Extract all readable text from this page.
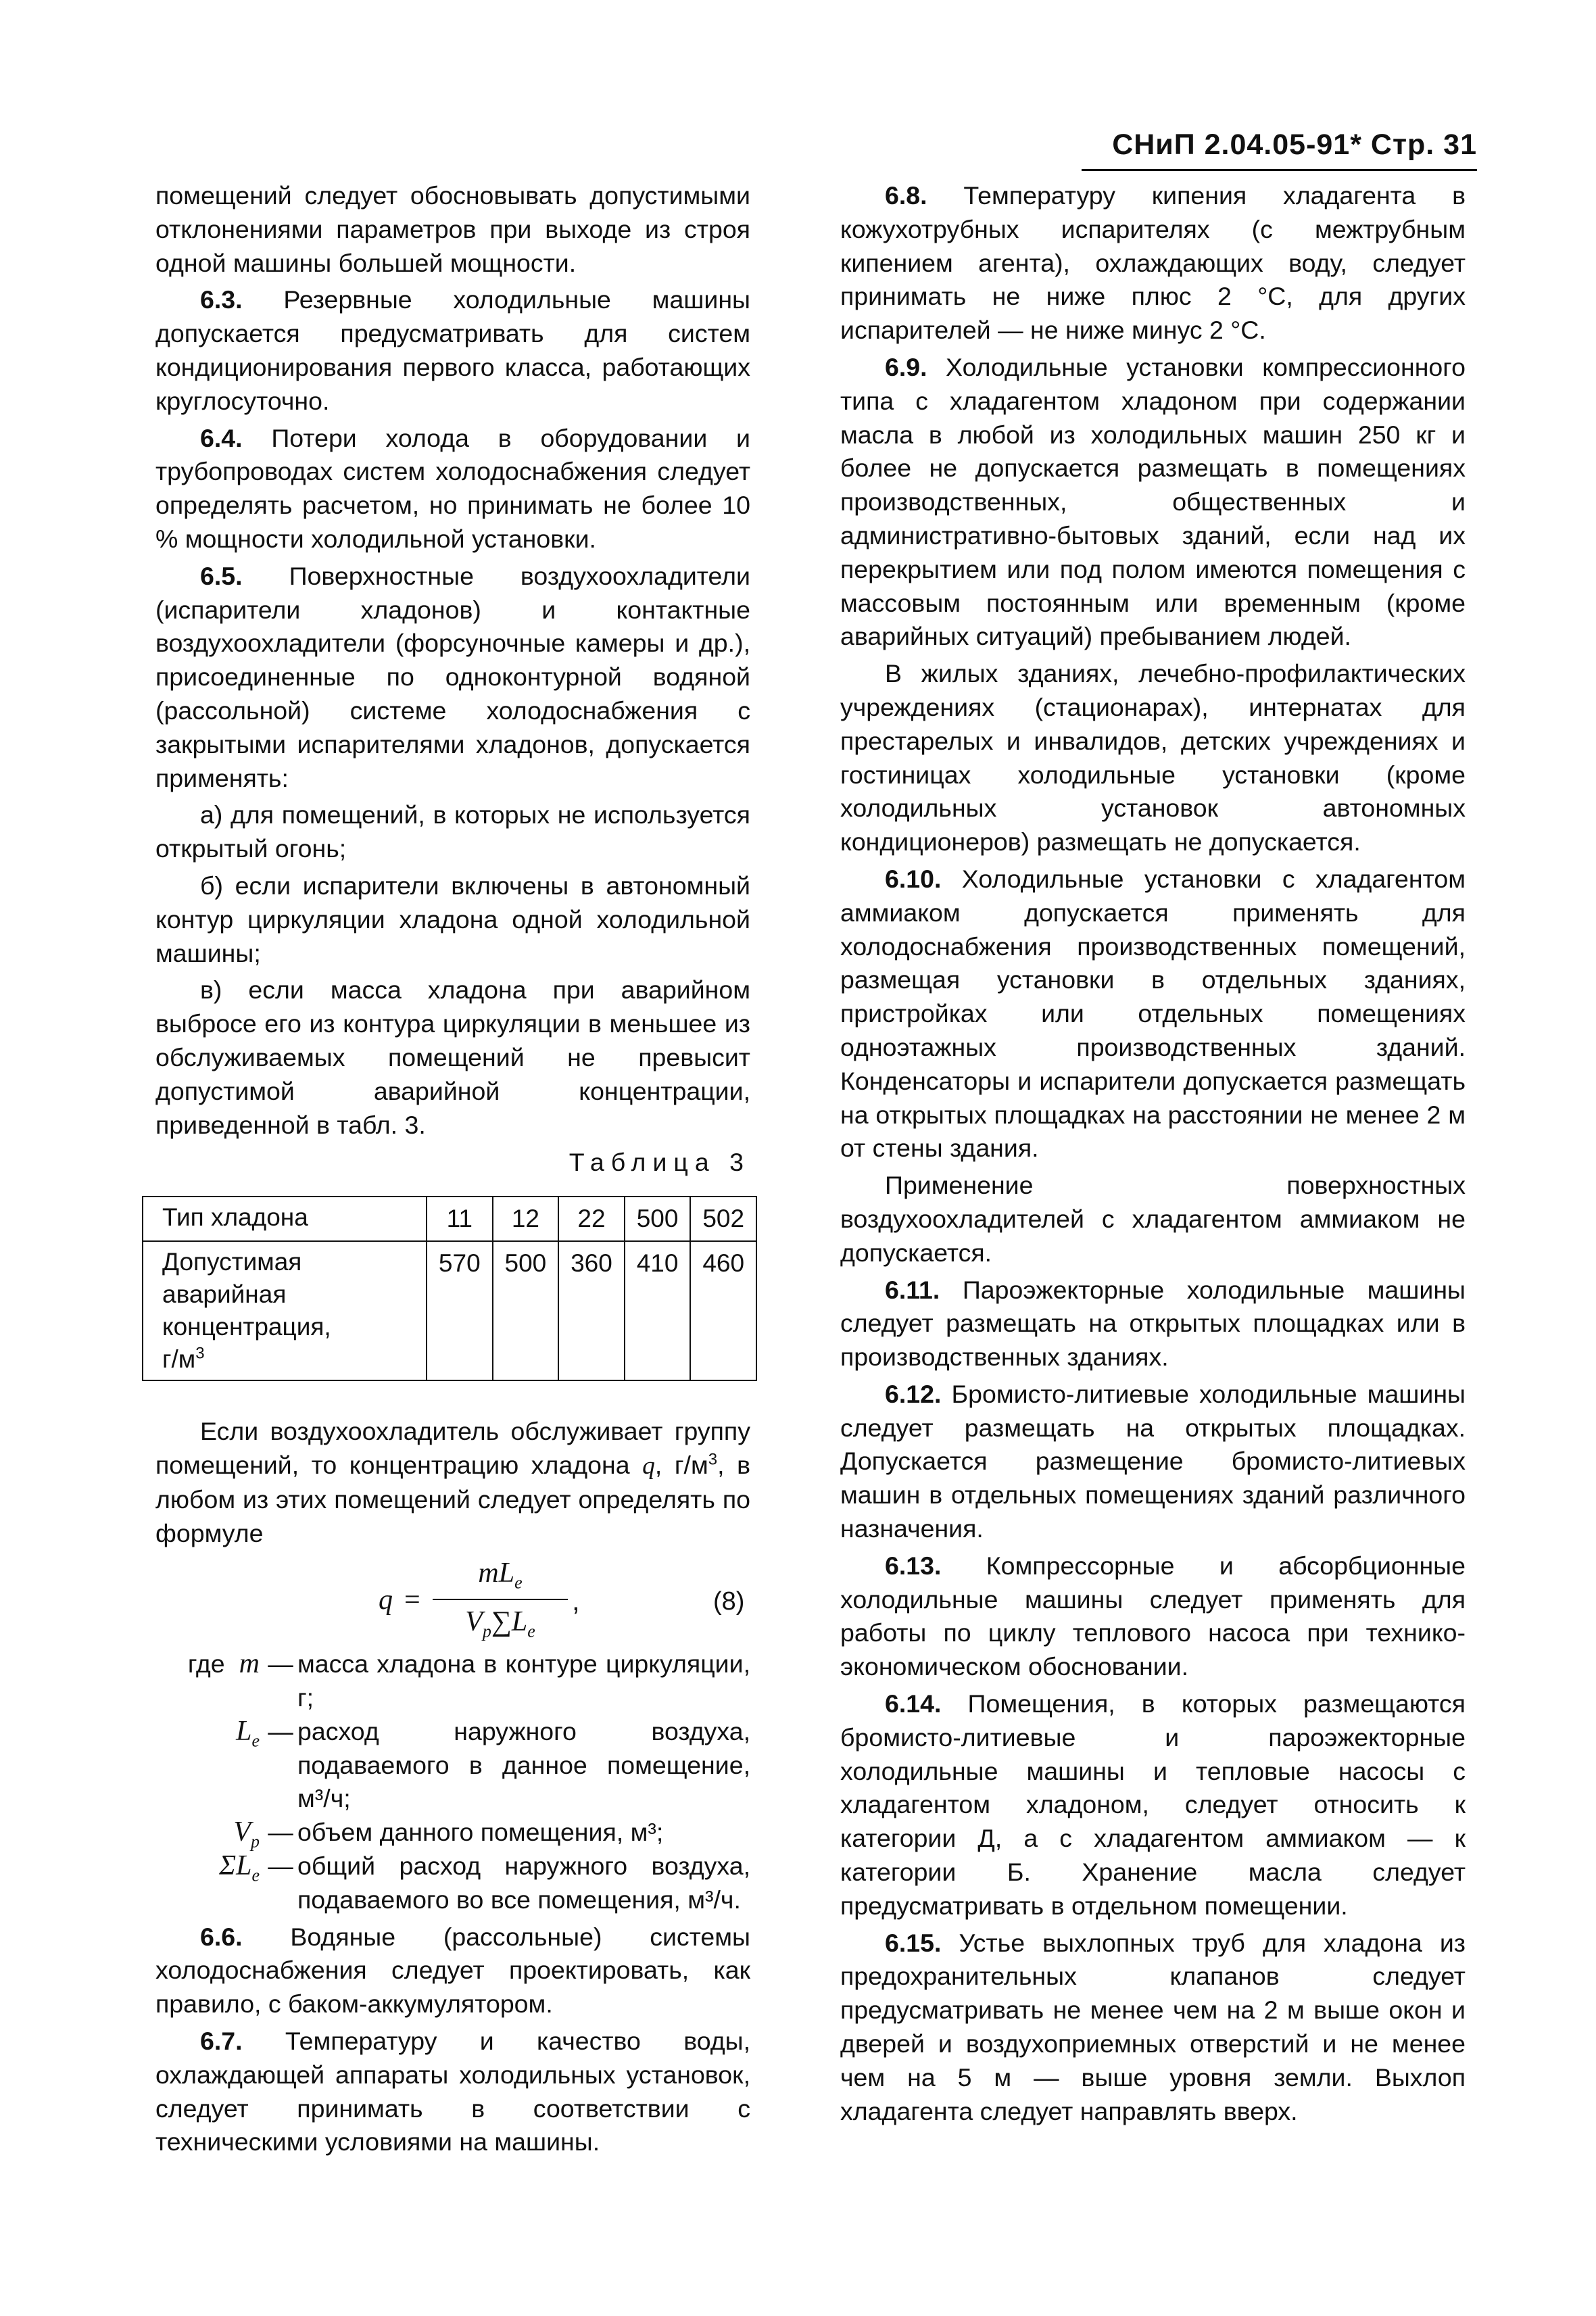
СНиП 2.04.05-91* Стр. 31

помещений следует обосновывать допустимыми отклонениями параметров при выходе из строя одной машины большей мощности.

6.3. Резервные холодильные машины допускается предусматривать для систем кондиционирования первого класса, работающих круглосуточно.

6.4. Потери холода в оборудовании и трубопроводах систем холодоснабжения следует определять расчетом, но принимать не более 10 % мощности холодильной установки.

6.5. Поверхностные воздухоохладители (испарители хладонов) и контактные воздухоохладители (форсуночные камеры и др.), присоединенные по одноконтурной водяной (рассольной) системе холодоснабжения с закрытыми испарителями хладонов, допускается применять:

а) для помещений, в которых не используется открытый огонь;

б) если испарители включены в автономный контур циркуляции хладона одной холодильной машины;

в) если масса хладона при аварийном выбросе его из контура циркуляции в меньшее из обслуживаемых помещений не превысит допустимой аварийной концентрации, приведенной в табл. 3.

Таблица 3
Тип хладона	11	12	22	500	502
Допустимая аварийная концентрация,
$г/м^3$	570	500	360	410	460

Если воздухоохладитель обслуживает группу помещений, то концентрацию хладона q, $г/м^3$, в любом из этих помещений следует определять по формуле

q =
$mL_e$
$V_p\sum L_e$
,	(8)
где m — масса хладона в контуре циркуляции, г;
$L_e$ — расход наружного воздуха, подаваемого в данное помещение, м³/ч;
$V_p$ — объем данного помещения, м³;
$\Sigma L_e$ — общий расход наружного воздуха, подаваемого во все помещения, м³/ч.

6.6. Водяные (рассольные) системы холодоснабжения следует проектировать, как правило, с баком-аккумулятором.

6.7. Температуру и качество воды, охлаждающей аппараты холодильных установок, следует принимать в соответствии с техническими условиями на машины.

6.8. Температуру кипения хладагента в кожухотрубных испарителях (с межтрубным кипением агента), охлаждающих воду, следует принимать не ниже плюс 2 °С, для других испарителей — не ниже минус 2 °С.

6.9. Холодильные установки компрессионного типа с хладагентом хладоном при содержании масла в любой из холодильных машин 250 кг и более не допускается размещать в помещениях производственных, общественных и административно-бытовых зданий, если над их перекрытием или под полом имеются помещения с массовым постоянным или временным (кроме аварийных ситуаций) пребыванием людей.

В жилых зданиях, лечебно-профилактических учреждениях (стационарах), интернатах для престарелых и инвалидов, детских учреждениях и гостиницах холодильные установки (кроме холодильных установок автономных кондиционеров) размещать не допускается.

6.10. Холодильные установки с хладагентом аммиаком допускается применять для холодоснабжения производственных помещений, размещая установки в отдельных зданиях, пристройках или отдельных помещениях одноэтажных производственных зданий. Конденсаторы и испарители допускается размещать на открытых площадках на расстоянии не менее 2 м от стены здания.

Применение поверхностных воздухоохладителей с хладагентом аммиаком не допускается.

6.11. Пароэжекторные холодильные машины следует размещать на открытых площадках или в производственных зданиях.

6.12. Бромисто-литиевые холодильные машины следует размещать на открытых площадках. Допускается размещение бромисто-литиевых машин в отдельных помещениях зданий различного назначения.

6.13. Компрессорные и абсорбционные холодильные машины следует применять для работы по циклу теплового насоса при технико-экономическом обосновании.

6.14. Помещения, в которых размещаются бромисто-литиевые и пароэжекторные холодильные машины и тепловые насосы с хладагентом хладоном, следует относить к категории Д, а с хладагентом аммиаком — к категории Б. Хранение масла следует предусматривать в отдельном помещении.

6.15. Устье выхлопных труб для хладона из предохранительных клапанов следует предусматривать не менее чем на 2 м выше окон и дверей и воздухоприемных отверстий и не менее чем на 5 м — выше уровня земли. Выхлоп хладагента следует направлять вверх.
